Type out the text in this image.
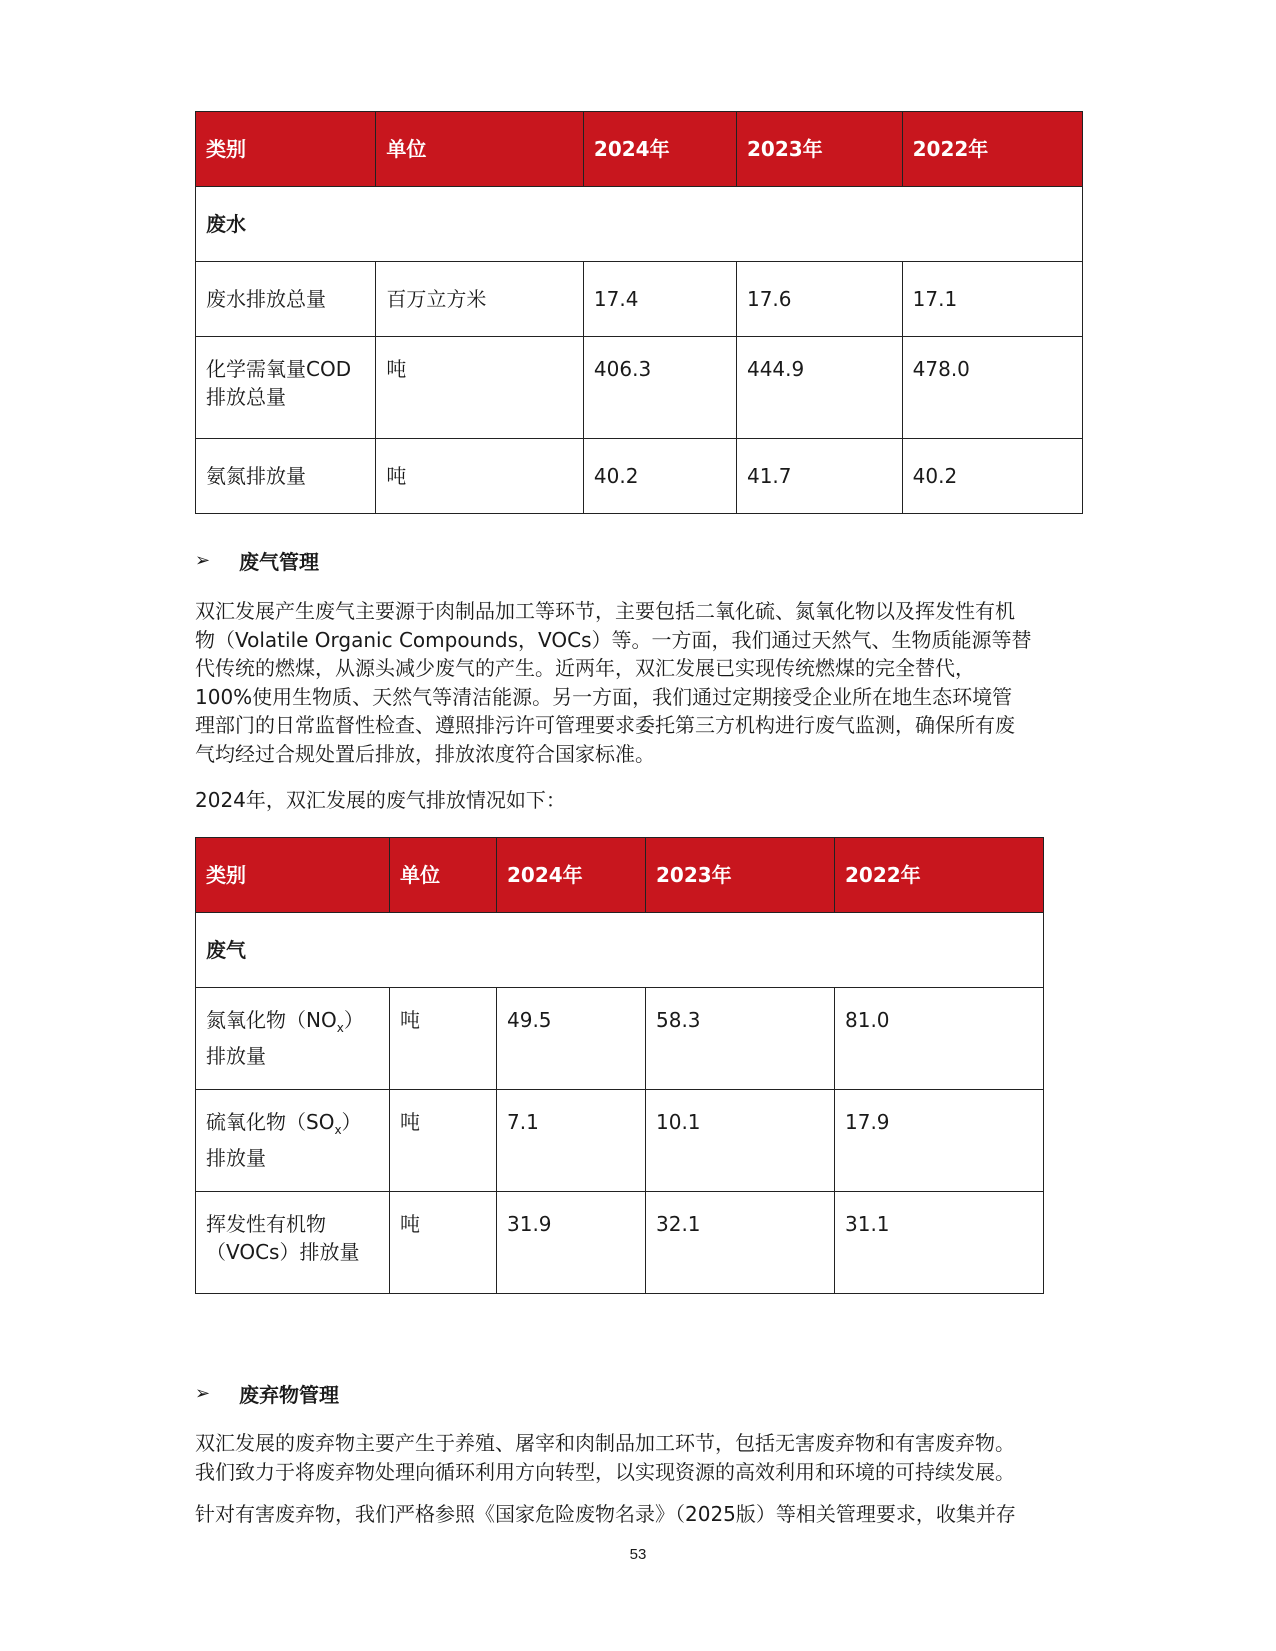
类别	单位	2024年	2023年	2022年
废水				
废水排放总量	百万立方米	17.4	17.6	17.1
化学需氧量COD
排放总量	吨	406.3	444.9	478.0
氨氮排放量	吨	40.2	41.7	40.2
➢	废气管理

双汇发展产生废气主要源于肉制品加工等环节，主要包括二氧化硫、氮氧化物以及挥发性有机
物（Volatile Organic Compounds，VOCs）等。一方面，我们通过天然气、生物质能源等替
代传统的燃煤，从源头减少废气的产生。近两年，双汇发展已实现传统燃煤的完全替代，
100%使用生物质、天然气等清洁能源。另一方面，我们通过定期接受企业所在地生态环境管
理部门的日常监督性检查、遵照排污许可管理要求委托第三方机构进行废气监测，确保所有废
气均经过合规处置后排放，排放浓度符合国家标准。

2024年，双汇发展的废气排放情况如下：

类别	单位	2024年	2023年	2022年
废气				
氮氧化物$(NO_x)$
排放量	吨	49.5	58.3	81.0
硫氧化物$(SO_x)$
排放量	吨	7.1	10.1	17.9
挥发性有机物
（VOCs）排放量	吨	31.9	32.1	31.1
➢	废弃物管理

双汇发展的废弃物主要产生于养殖、屠宰和肉制品加工环节，包括无害废弃物和有害废弃物。
我们致力于将废弃物处理向循环利用方向转型，以实现资源的高效利用和环境的可持续发展。

针对有害废弃物，我们严格参照《国家危险废物名录》（2025版）等相关管理要求，收集并存

53
